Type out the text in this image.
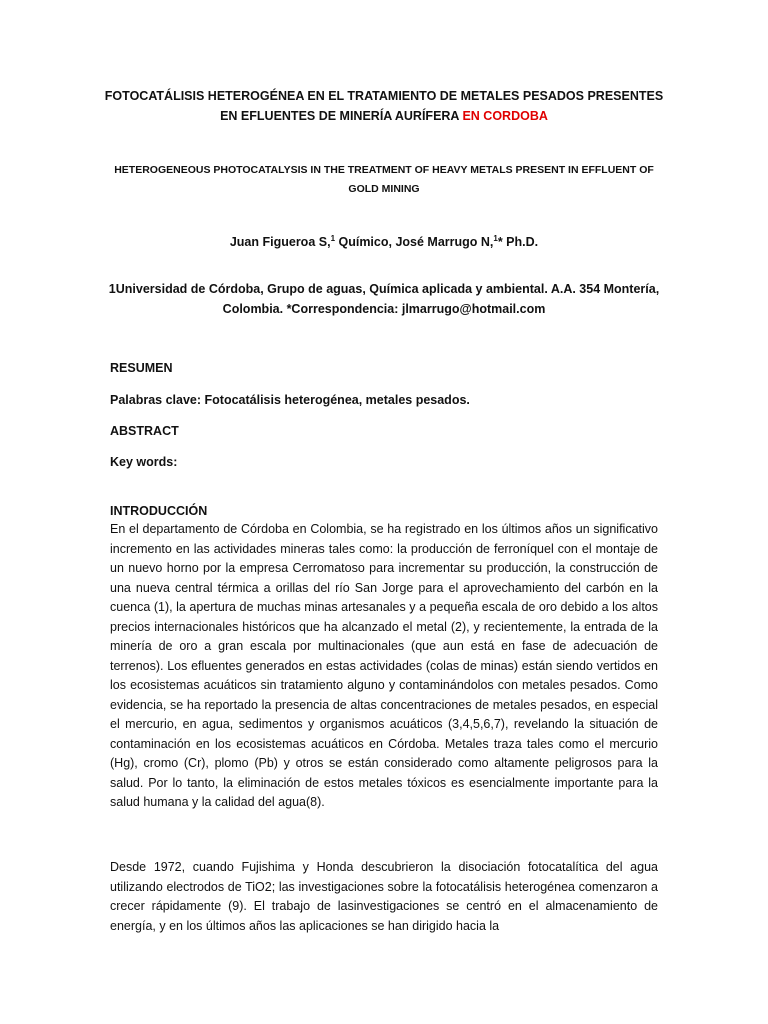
FOTOCATÁLISIS HETEROGÉNEA EN EL TRATAMIENTO DE METALES PESADOS PRESENTES EN EFLUENTES DE MINERÍA AURÍFERA EN CORDOBA
HETEROGENEOUS PHOTOCATALYSIS IN THE TREATMENT OF HEAVY METALS PRESENT IN EFFLUENT OF GOLD MINING
Juan Figueroa S,$^1$ Químico, José Marrugo N,$^1$* Ph.D.
1Universidad de Córdoba, Grupo de aguas, Química aplicada y ambiental. A.A. 354 Montería, Colombia. *Correspondencia: jlmarrugo@hotmail.com
RESUMEN
Palabras clave: Fotocatálisis heterogénea, metales pesados.
ABSTRACT
Key words:
INTRODUCCIÓN
En el departamento de Córdoba en Colombia, se ha registrado en los últimos años un significativo incremento en las actividades mineras tales como: la producción de ferroníquel con el montaje de un nuevo horno por la empresa Cerromatoso para incrementar su producción, la construcción de una nueva central térmica a orillas del río San Jorge para el aprovechamiento del carbón en la cuenca (1), la apertura de muchas minas artesanales y a pequeña escala de oro debido a los altos precios internacionales históricos que ha alcanzado el metal (2), y recientemente, la entrada de la minería de oro a gran escala por multinacionales (que aun está en fase de adecuación de terrenos). Los efluentes generados en estas actividades (colas de minas) están siendo vertidos en los ecosistemas acuáticos sin tratamiento alguno y contaminándolos con metales pesados. Como evidencia, se ha reportado la presencia de altas concentraciones de metales pesados, en especial el mercurio, en agua, sedimentos y organismos acuáticos (3,4,5,6,7), revelando la situación de contaminación en los ecosistemas acuáticos en Córdoba. Metales traza tales como el mercurio (Hg), cromo (Cr), plomo (Pb) y otros se están considerado como altamente peligrosos para la salud. Por lo tanto, la eliminación de estos metales tóxicos es esencialmente importante para la salud humana y la calidad del agua(8).
Desde 1972, cuando Fujishima y Honda descubrieron la disociación fotocatalítica del agua utilizando electrodos de TiO2; las investigaciones sobre la fotocatálisis heterogénea comenzaron a crecer rápidamente (9). El trabajo de lasinvestigaciones se centró en el almacenamiento de energía, y en los últimos años las aplicaciones se han dirigido hacia la
